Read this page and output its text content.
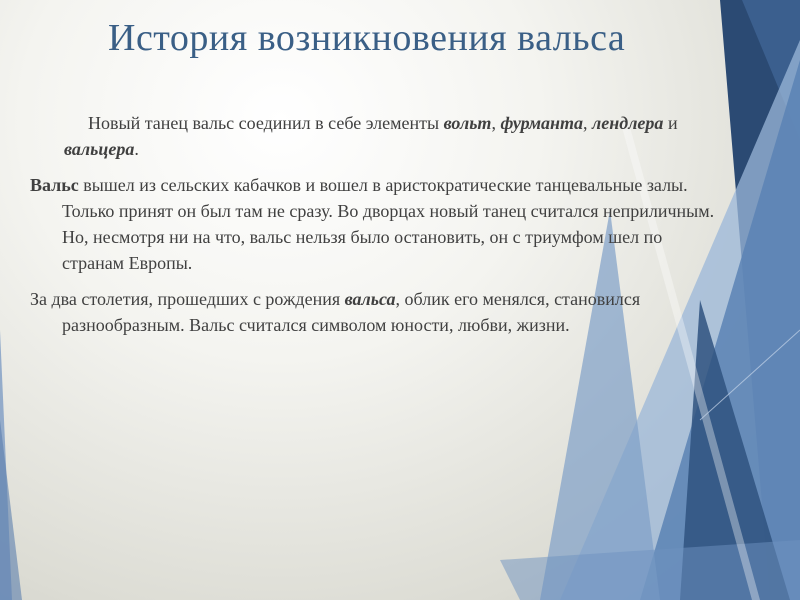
История возникновения вальса

Новый танец вальс соединил в себе элементы вольт, фурманта, лендлера и вальцера.

Вальс вышел из сельских кабачков и вошел в аристократические танцевальные залы. Только принят он был там не сразу. Во дворцах новый танец считался неприличным. Но, несмотря ни на что, вальс нельзя было остановить, он с триумфом шел по странам Европы.

За два столетия, прошедших с рождения вальса, облик его менялся, становился разнообразным. Вальс считался символом юности, любви, жизни.
